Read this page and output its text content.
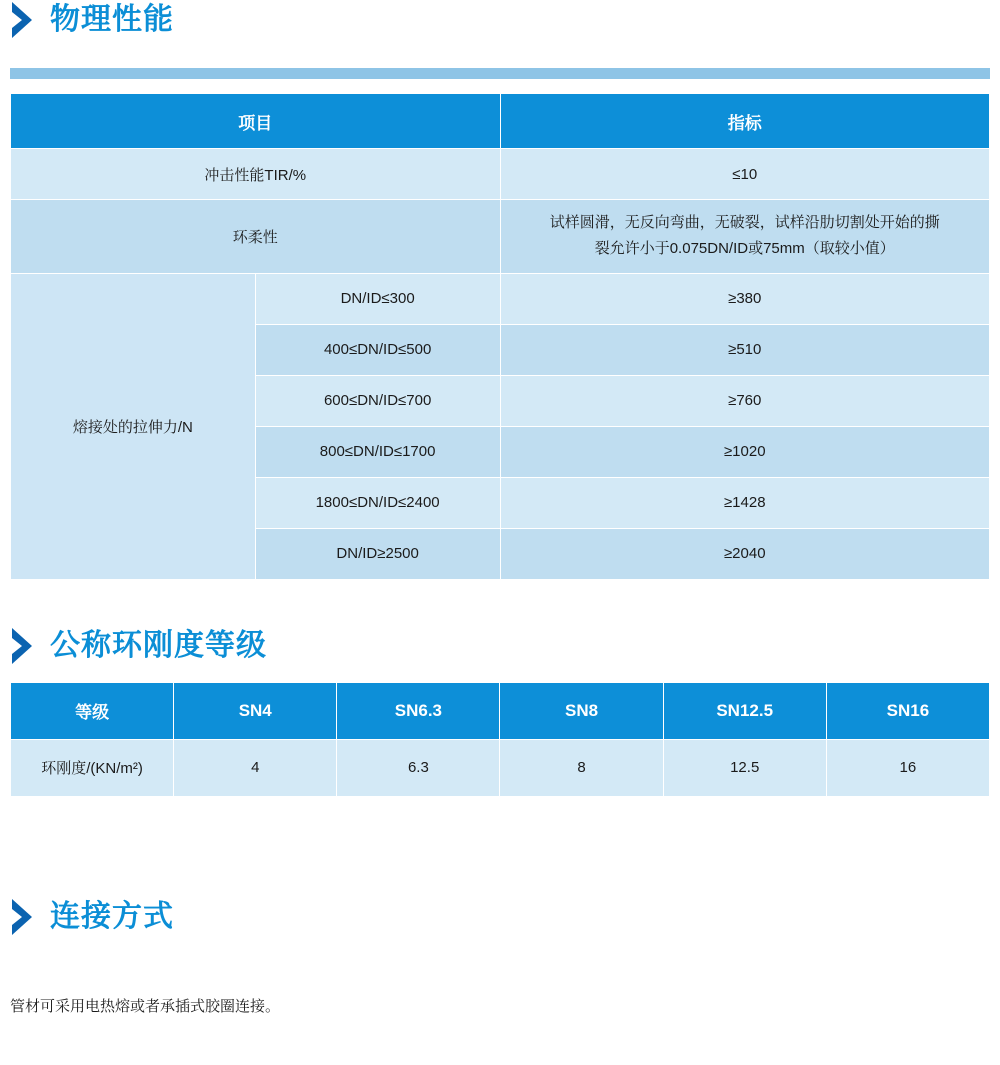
物理性能
项目		指标
冲击性能TIR/%		≤10
环柔性		试样圆滑，无反向弯曲，无破裂，试样沿肋切割处开始的撕
裂允许小于0.075DN/ID或75mm（取较小值）

熔接处的拉伸力/N	DN/ID≤300	≥380
	400≤DN/ID≤500	≥510
	600≤DN/ID≤700	≥760
	800≤DN/ID≤1700	≥1020
	1800≤DN/ID≤2400	≥1428
	DN/ID≥2500	≥2040
公称环刚度等级
等级	SN4	SN6.3	SN8	SN12.5	SN16
环刚度/(KN/m²)	4	6.3	8	12.5	16
连接方式
管材可采用电热熔或者承插式胶圈连接。
